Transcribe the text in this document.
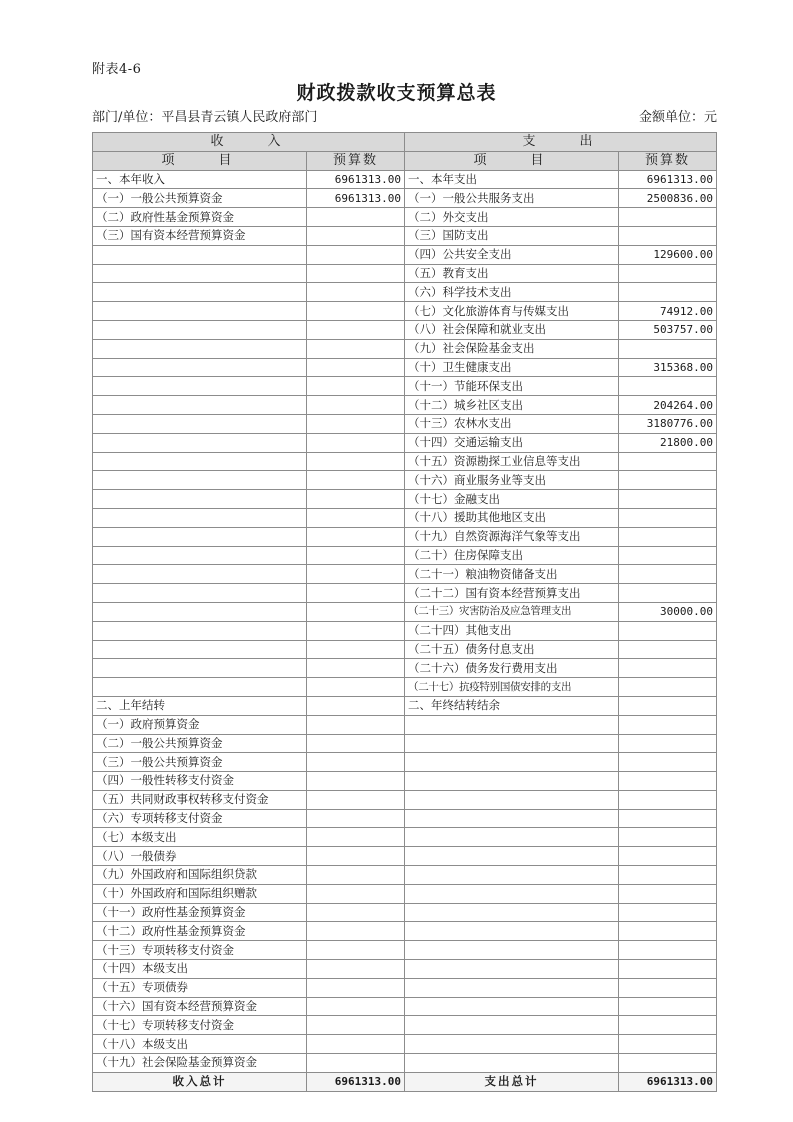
附表4-6
财政拨款收支预算总表
部门/单位：平昌县青云镇人民政府部门	金额单位：元
收　　入		支　　出	
项　　目	预算数	项　　目	预算数
一、本年收入	6961313.00	一、本年支出	6961313.00
（一）一般公共预算资金	6961313.00	（一）一般公共服务支出	2500836.00
（二）政府性基金预算资金		（二）外交支出	
（三）国有资本经营预算资金		（三）国防支出	
		（四）公共安全支出	129600.00
		（五）教育支出	
		（六）科学技术支出	
		（七）文化旅游体育与传媒支出	74912.00
		（八）社会保障和就业支出	503757.00
		（九）社会保险基金支出	
		（十）卫生健康支出	315368.00
		（十一）节能环保支出	
		（十二）城乡社区支出	204264.00
		（十三）农林水支出	3180776.00
		（十四）交通运输支出	21800.00
		（十五）资源勘探工业信息等支出	
		（十六）商业服务业等支出	
		（十七）金融支出	
		（十八）援助其他地区支出	
		（十九）自然资源海洋气象等支出	
		（二十）住房保障支出	
		（二十一）粮油物资储备支出	
		（二十二）国有资本经营预算支出	
		（二十三）灾害防治及应急管理支出	30000.00
		（二十四）其他支出	
		（二十五）债务付息支出	
		（二十六）债务发行费用支出	
		（二十七）抗疫特别国债安排的支出	
二、上年结转		二、年终结转结余	
（一）政府预算资金			
（二）一般公共预算资金			
（三）一般公共预算资金			
（四）一般性转移支付资金			
（五）共同财政事权转移支付资金			
（六）专项转移支付资金			
（七）本级支出			
（八）一般债券			
（九）外国政府和国际组织贷款			
（十）外国政府和国际组织赠款			
（十一）政府性基金预算资金			
（十二）政府性基金预算资金			
（十三）专项转移支付资金			
（十四）本级支出			
（十五）专项债券			
（十六）国有资本经营预算资金			
（十七）专项转移支付资金			
（十八）本级支出			
（十九）社会保险基金预算资金			
收入总计	6961313.00	支出总计	6961313.00
